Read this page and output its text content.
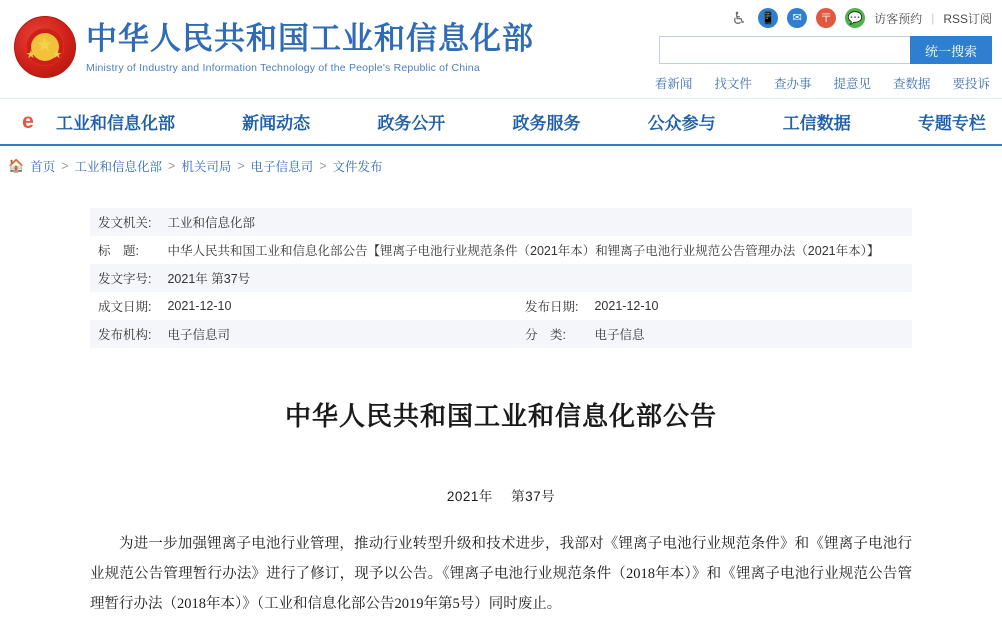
★
★ ★ 中华人民共和国工业和信息化部
Ministry of Industry and Information Technology of the People's Republic of China
♿ 📱	✉	〒	💬 访客预约 | RSS订阅
统一搜索
看新闻 找文件 查办事 提意见 查数据 要投诉
e	工业和信息化部	新闻动态	政务公开	政务服务	公众参与	工信数据	专题专栏
🏠 首页 > 工业和信息化部 > 机关司局 > 电子信息司 > 文件发布
发文机关:	工业和信息化部		
标　题:	中华人民共和国工业和信息化部公告【锂离子电池行业规范条件（2021年本）和锂离子电池行业规范公告管理办法（2021年本）】		
发文字号:	2021年 第37号		
成文日期:	2021-12-10	发布日期:	2021-12-10
发布机构:	电子信息司	分　类:	电子信息
中华人民共和国工业和信息化部公告
2021年　 第37号

为进一步加强锂离子电池行业管理，推动行业转型升级和技术进步，我部对《锂离子电池行业规范条件》和《锂离子电池行业规范公告管理暂行办法》进行了修订，现予以公告。《锂离子电池行业规范条件（2018年本）》和《锂离子电池行业规范公告管理暂行办法（2018年本）》（工业和信息化部公告2019年第5号）同时废止。
